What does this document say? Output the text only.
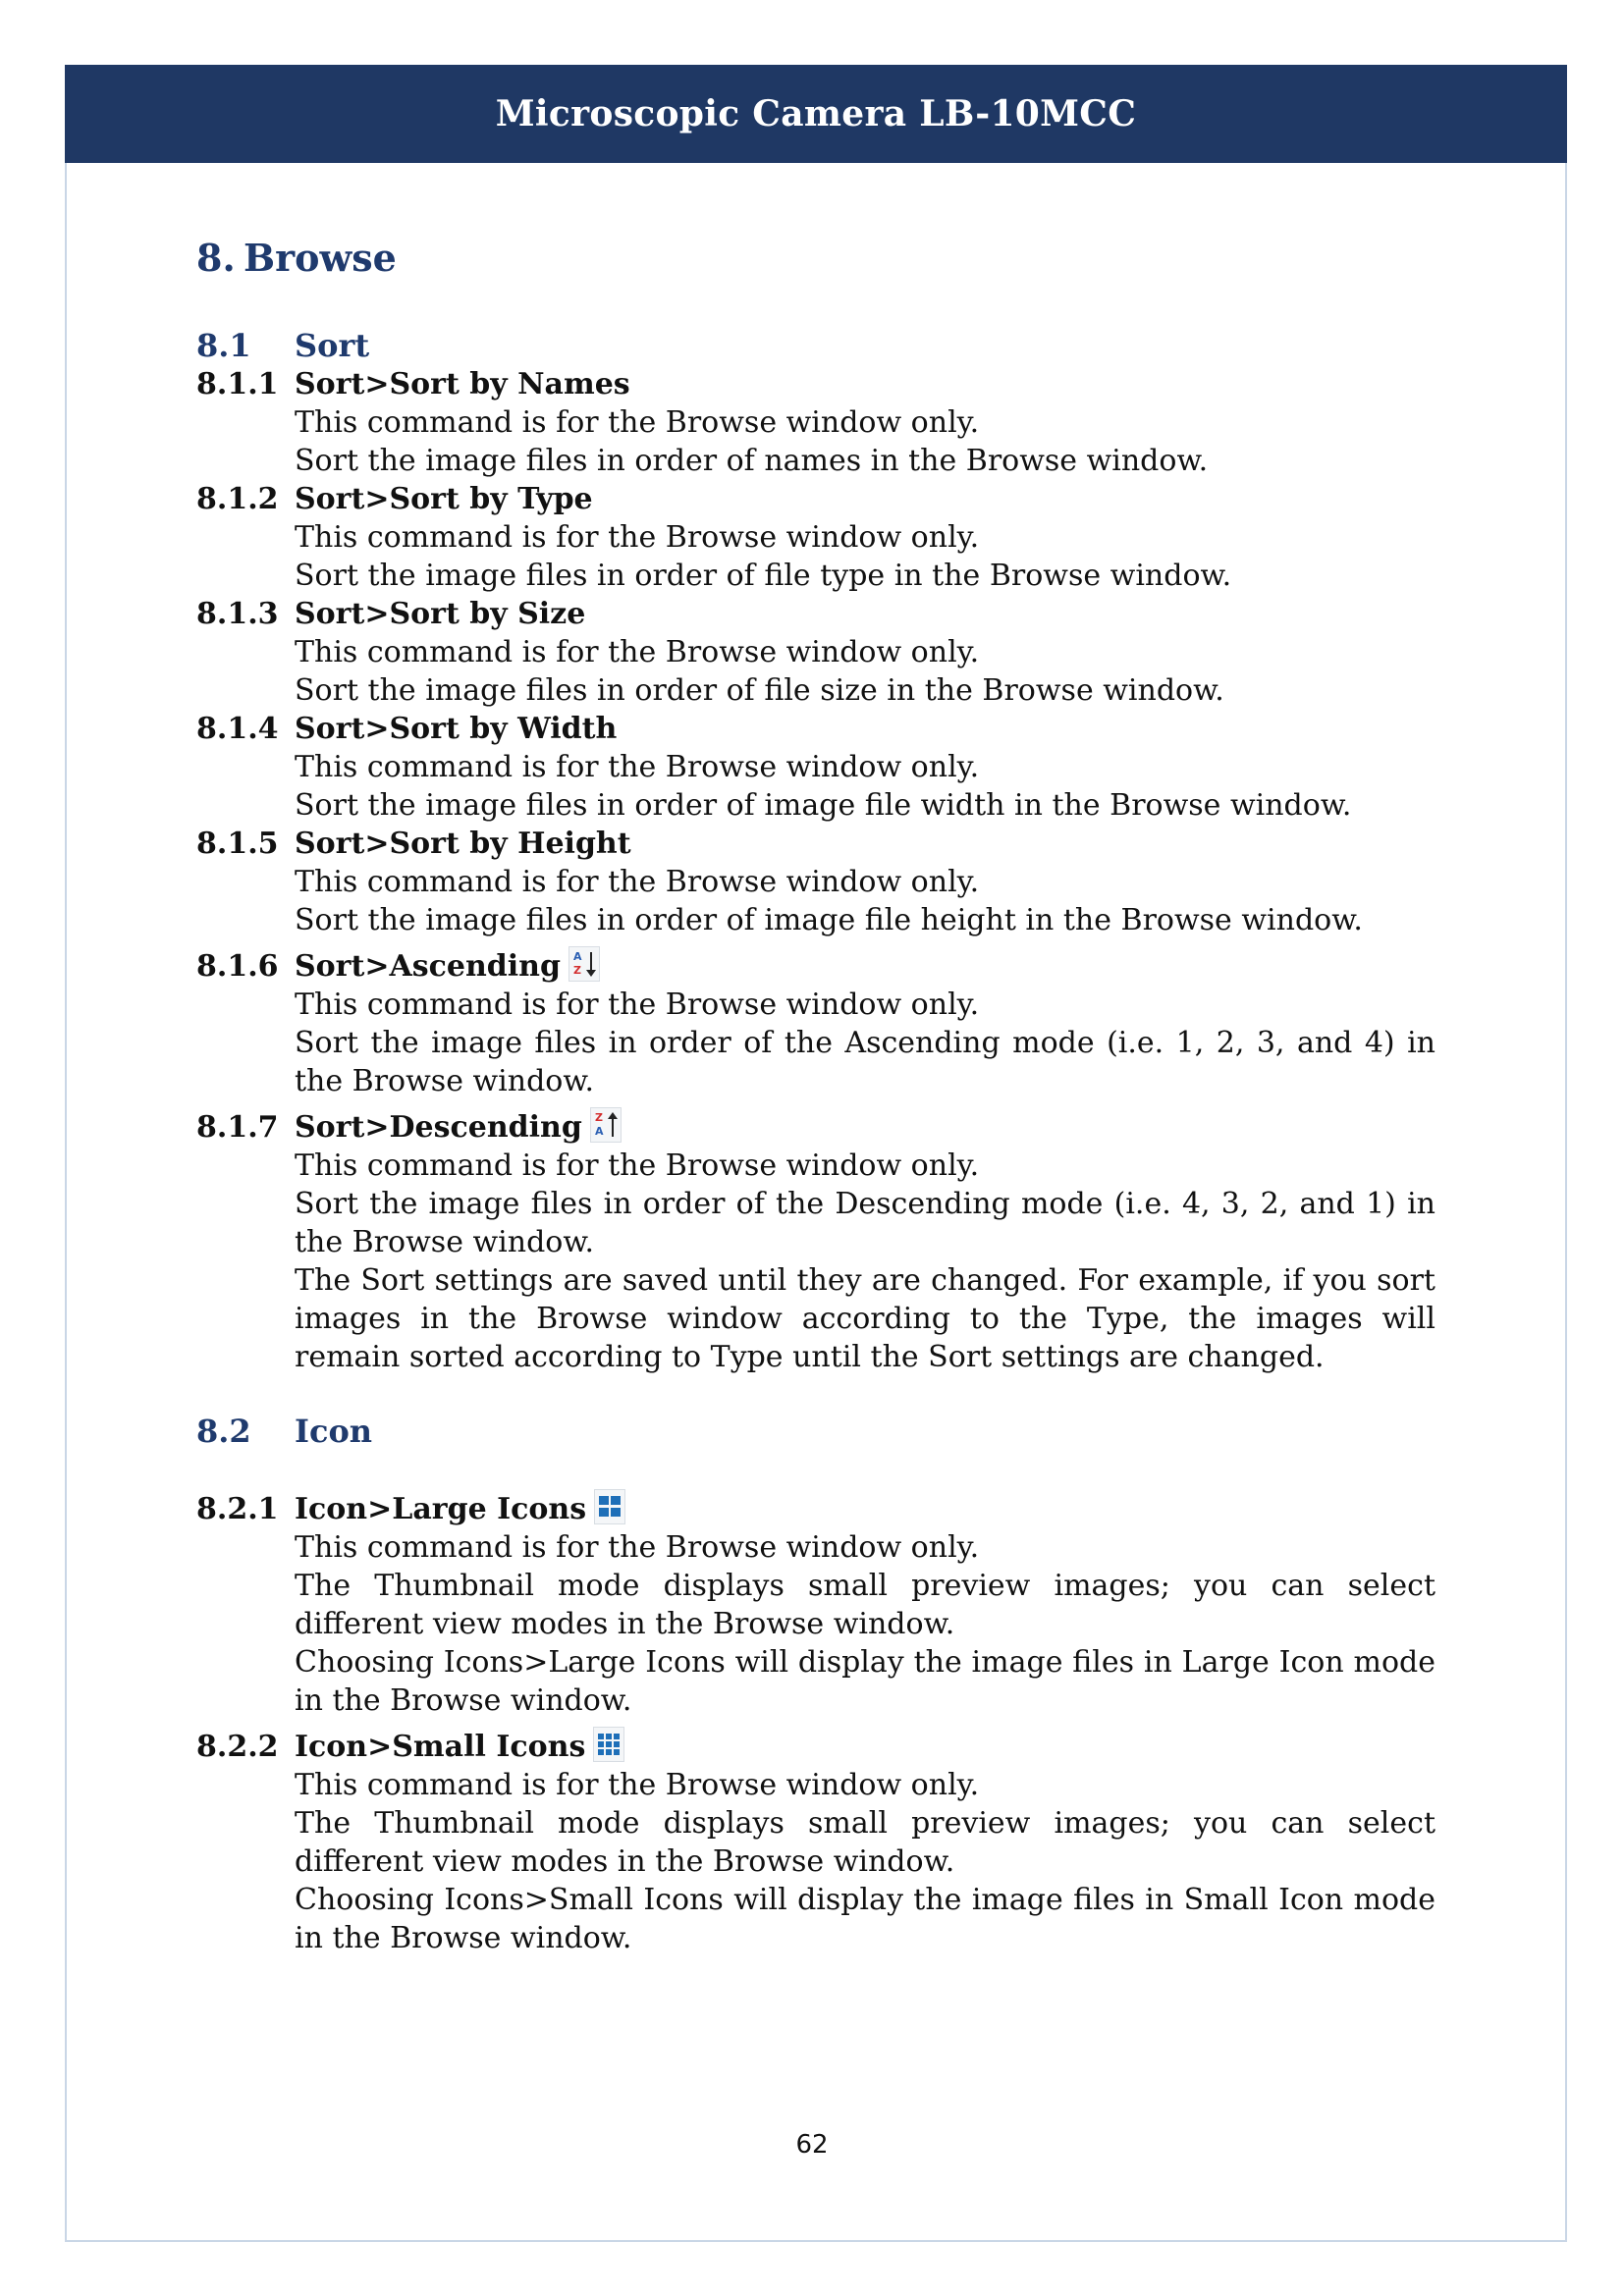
Microscopic Camera LB-10MCC
8. Browse
8.1	Sort
8.1.1 Sort>Sort by Names
This command is for the Browse window only.
Sort the image files in order of names in the Browse window.
8.1.2 Sort>Sort by Type
This command is for the Browse window only.
Sort the image files in order of file type in the Browse window.
8.1.3 Sort>Sort by Size
This command is for the Browse window only.
Sort the image files in order of file size in the Browse window.
8.1.4 Sort>Sort by Width
This command is for the Browse window only.
Sort the image files in order of image file width in the Browse window.
8.1.5 Sort>Sort by Height
This command is for the Browse window only.
Sort the image files in order of image file height in the Browse window.
8.1.6 Sort>Ascending A
Z
This command is for the Browse window only.
Sort the image files in order of the Ascending mode (i.e. 1, 2, 3, and 4) in the Browse window.
8.1.7 Sort>Descending Z
A
This command is for the Browse window only.
Sort the image files in order of the Descending mode (i.e. 4, 3, 2, and 1) in the Browse window.
The Sort settings are saved until they are changed. For example, if you sort images in the Browse window according to the Type, the images will remain sorted according to Type until the Sort settings are changed.
8.2	Icon
8.2.1 Icon>Large Icons
This command is for the Browse window only.
The Thumbnail mode displays small preview images; you can select different view modes in the Browse window.
Choosing Icons>Large Icons will display the image files in Large Icon mode in the Browse window.
8.2.2 Icon>Small Icons
This command is for the Browse window only.
The Thumbnail mode displays small preview images; you can select different view modes in the Browse window.
Choosing Icons>Small Icons will display the image files in Small Icon mode in the Browse window.
62
